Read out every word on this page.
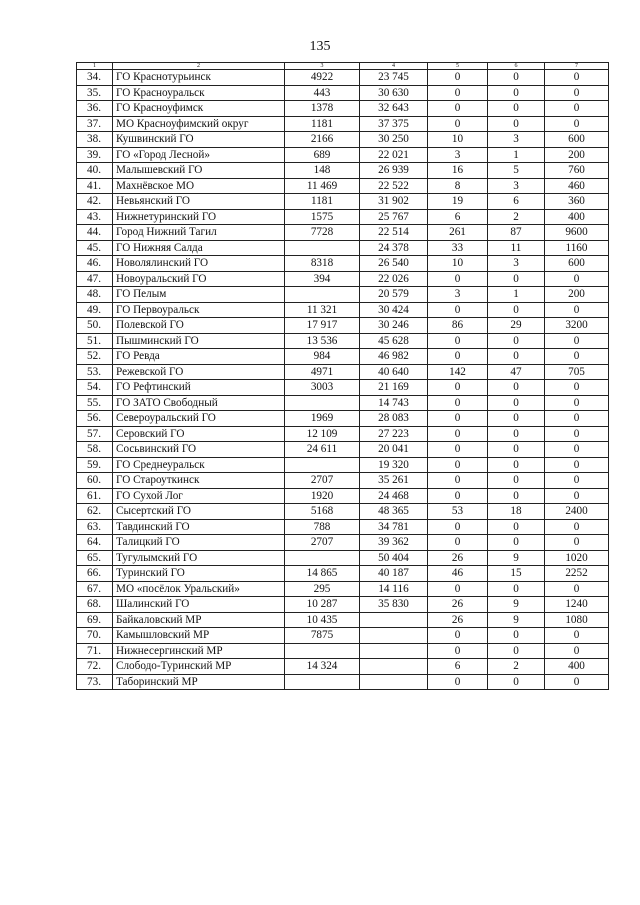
135
1	2	3	4	5	6	7
34.	ГО Краснотурьинск	4922	23 745	0	0	0
35.	ГО Красноуральск	443	30 630	0	0	0
36.	ГО Красноуфимск	1378	32 643	0	0	0
37.	МО Красноуфимский округ	1181	37 375	0	0	0
38.	Кушвинский ГО	2166	30 250	10	3	600
39.	ГО «Город Лесной»	689	22 021	3	1	200
40.	Малышевский ГО	148	26 939	16	5	760
41.	Махнёвское МО	11 469	22 522	8	3	460
42.	Невьянский ГО	1181	31 902	19	6	360
43.	Нижнетуринский ГО	1575	25 767	6	2	400
44.	Город Нижний Тагил	7728	22 514	261	87	9600
45.	ГО Нижняя Салда		24 378	33	11	1160
46.	Новолялинский ГО	8318	26 540	10	3	600
47.	Новоуральский ГО	394	22 026	0	0	0
48.	ГО Пелым		20 579	3	1	200
49.	ГО Первоуральск	11 321	30 424	0	0	0
50.	Полевской ГО	17 917	30 246	86	29	3200
51.	Пышминский ГО	13 536	45 628	0	0	0
52.	ГО Ревда	984	46 982	0	0	0
53.	Режевской ГО	4971	40 640	142	47	705
54.	ГО Рефтинский	3003	21 169	0	0	0
55.	ГО ЗАТО Свободный		14 743	0	0	0
56.	Североуральский ГО	1969	28 083	0	0	0
57.	Серовский ГО	12 109	27 223	0	0	0
58.	Сосьвинский ГО	24 611	20 041	0	0	0
59.	ГО Среднеуральск		19 320	0	0	0
60.	ГО Староуткинск	2707	35 261	0	0	0
61.	ГО Сухой Лог	1920	24 468	0	0	0
62.	Сысертский ГО	5168	48 365	53	18	2400
63.	Тавдинский ГО	788	34 781	0	0	0
64.	Талицкий ГО	2707	39 362	0	0	0
65.	Тугулымский ГО		50 404	26	9	1020
66.	Туринский ГО	14 865	40 187	46	15	2252
67.	МО «посёлок Уральский»	295	14 116	0	0	0
68.	Шалинский ГО	10 287	35 830	26	9	1240
69.	Байкаловский МР	10 435		26	9	1080
70.	Камышловский МР	7875		0	0	0
71.	Нижнесергинский МР			0	0	0
72.	Слободо-Туринский МР	14 324		6	2	400
73.	Таборинский МР			0	0	0
